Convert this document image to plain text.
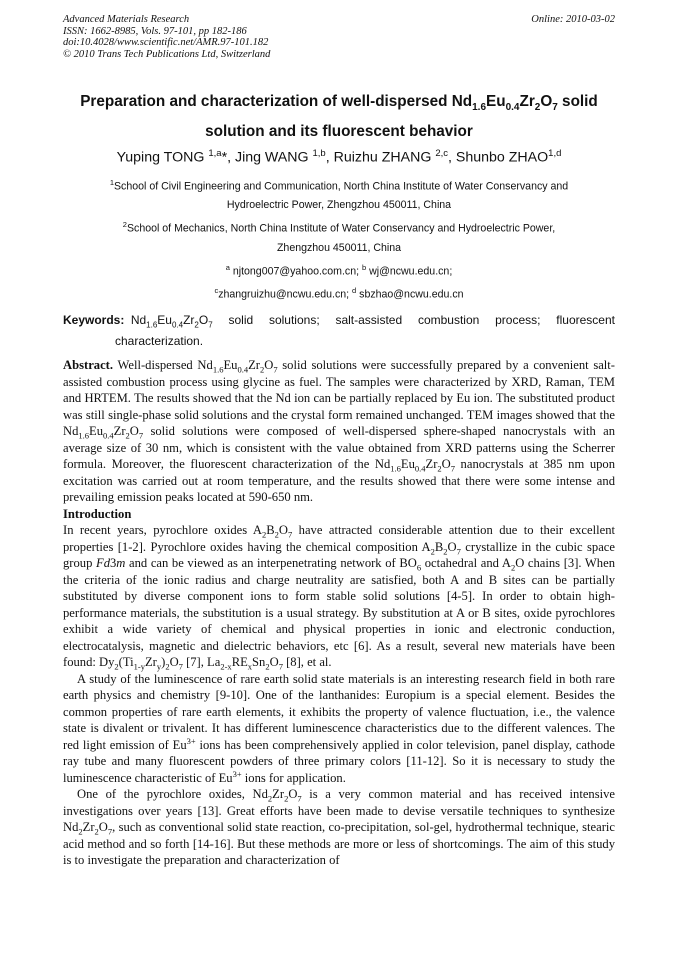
Advanced Materials Research
ISSN: 1662-8985, Vols. 97-101, pp 182-186
doi:10.4028/www.scientific.net/AMR.97-101.182
© 2010 Trans Tech Publications Ltd, Switzerland
Online: 2010-03-02
Preparation and characterization of well-dispersed $Nd_{1.6}Eu_{0.4}Zr_2O_7$ solid solution and its fluorescent behavior
Yuping TONG $^{1,a}$*, Jing WANG $^{1,b}$, Ruizhu ZHANG $^{2,c}$, Shunbo ZHAO$^{1,d}$
$^1$School of Civil Engineering and Communication, North China Institute of Water Conservancy and
Hydroelectric Power, Zhengzhou 450011, China
$^2$School of Mechanics, North China Institute of Water Conservancy and Hydroelectric Power,
Zhengzhou 450011, China
$^a$ njtong007@yahoo.com.cn; $^b$ wj@ncwu.edu.cn;
$^c$zhangruizhu@ncwu.edu.cn; $^d$ sbzhao@ncwu.edu.cn
Keywords: $Nd_{1.6}Eu_{0.4}Zr_2O_7$ solid solutions; salt-assisted combustion process; fluorescent characterization.
Abstract. Well-dispersed $Nd_{1.6}Eu_{0.4}Zr_2O_7$ solid solutions were successfully prepared by a convenient salt-assisted combustion process using glycine as fuel. The samples were characterized by XRD, Raman, TEM and HRTEM. The results showed that the Nd ion can be partially replaced by Eu ion. The substituted product was still single-phase solid solutions and the crystal form remained unchanged. TEM images showed that the $Nd_{1.6}Eu_{0.4}Zr_2O_7$ solid solutions were composed of well-dispersed sphere-shaped nanocrystals with an average size of 30 nm, which is consistent with the value obtained from XRD patterns using the Scherrer formula. Moreover, the fluorescent characterization of the $Nd_{1.6}Eu_{0.4}Zr_2O_7$ nanocrystals at 385 nm upon excitation was carried out at room temperature, and the results showed that there were some intense and prevailing emission peaks located at 590-650 nm.
Introduction
In recent years, pyrochlore oxides $A_2B_2O_7$ have attracted considerable attention due to their excellent properties [1-2]. Pyrochlore oxides having the chemical composition $A_2B_2O_7$ crystallize in the cubic space group Fd3m and can be viewed as an interpenetrating network of $BO_6$ octahedral and $A_2O$ chains [3]. When the criteria of the ionic radius and charge neutrality are satisfied, both A and B sites can be partially substituted by diverse component ions to form stable solid solutions [4-5]. In order to obtain high-performance materials, the substitution is a usual strategy. By substitution at A or B sites, oxide pyrochlores exhibit a wide variety of chemical and physical properties in ionic and electronic conduction, electrocatalysis, magnetic and dielectric behaviors, etc [6]. As a result, several new materials have been found: $Dy_2(Ti_{1-y}Zr_y)_2O_7$ [7], $La_{2-x}RE_xSn_2O_7$ [8], et al.
A study of the luminescence of rare earth solid state materials is an interesting research field in both rare earth physics and chemistry [9-10]. One of the lanthanides: Europium is a special element. Besides the common properties of rare earth elements, it exhibits the property of valence fluctuation, i.e., the valence state is divalent or trivalent. It has different luminescence characteristics due to the different valences. The red light emission of $Eu^{3+}$ ions has been comprehensively applied in color television, panel display, cathode ray tube and many fluorescent powders of three primary colors [11-12]. So it is necessary to study the luminescence characteristic of $Eu^{3+}$ ions for application.
One of the pyrochlore oxides, $Nd_2Zr_2O_7$ is a very common material and has received intensive investigations over years [13]. Great efforts have been made to devise versatile techniques to synthesize $Nd_2Zr_2O_7$, such as conventional solid state reaction, co-precipitation, sol-gel, hydrothermal technique, stearic acid method and so forth [14-16]. But these methods are more or less of shortcomings. The aim of this study is to investigate the preparation and characterization of
